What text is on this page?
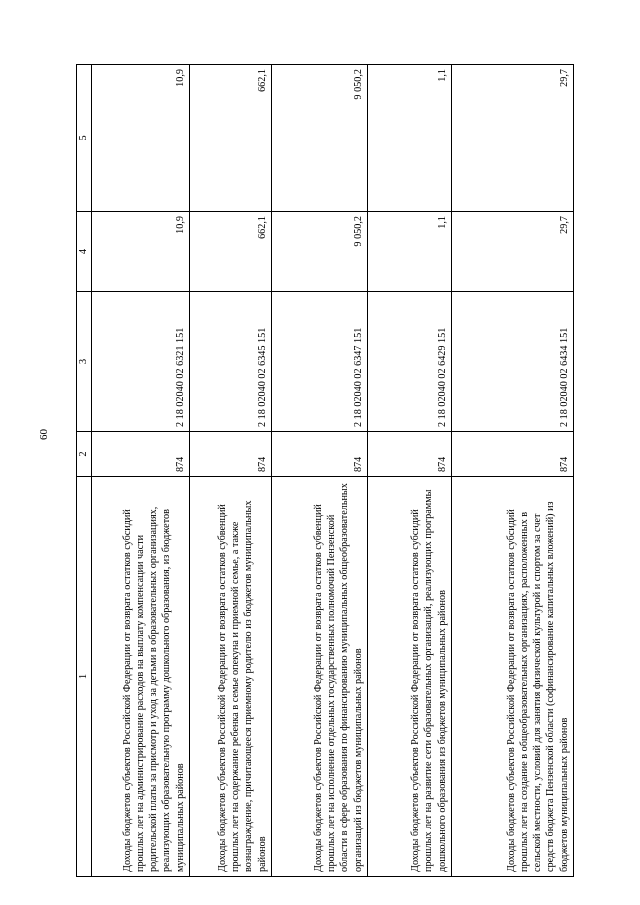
60
1	2	3	4	5
Доходы бюджетов субъектов Российской Федерации от возврата остатков субсидий прошлых лет на администрирование расходов на выплату компенсации части родительской платы за присмотр и уход за детьми в образовательных организациях, реализующих образовательную программу дошкольного образования, из бюджетов муниципальных районов	874	2 18 02040 02 6321 151	10,9	10,9
Доходы бюджетов субъектов Российской Федерации от возврата остатков субвенций прошлых лет на содержание ребенка в семье опекуна и приемной семье, а также вознаграждение, причитающееся приемному родителю из бюджетов муниципальных районов	874	2 18 02040 02 6345 151	662,1	662,1
Доходы бюджетов субъектов Российской Федерации от возврата остатков субвенций прошлых лет на исполнение отдельных государственных полномочий Пензенской области в сфере образования по финансированию муниципальных общеобразовательных организаций из бюджетов муниципальных районов	874	2 18 02040 02 6347 151	9 050,2	9 050,2
Доходы бюджетов субъектов Российской Федерации от возврата остатков субсидий прошлых лет на развитие сети образовательных организаций, реализующих программы дошкольного образования из бюджетов муниципальных районов	874	2 18 02040 02 6429 151	1,1	1,1
Доходы бюджетов субъектов Российской Федерации от возврата остатков субсидий прошлых лет на создание в общеобразовательных организациях, расположенных в сельской местности, условий для занятия физической культурой и спортом за счет средств бюджета Пензенской области (софинансирование капитальных вложений) из бюджетов муниципальных районов	874	2 18 02040 02 6434 151	29,7	29,7
